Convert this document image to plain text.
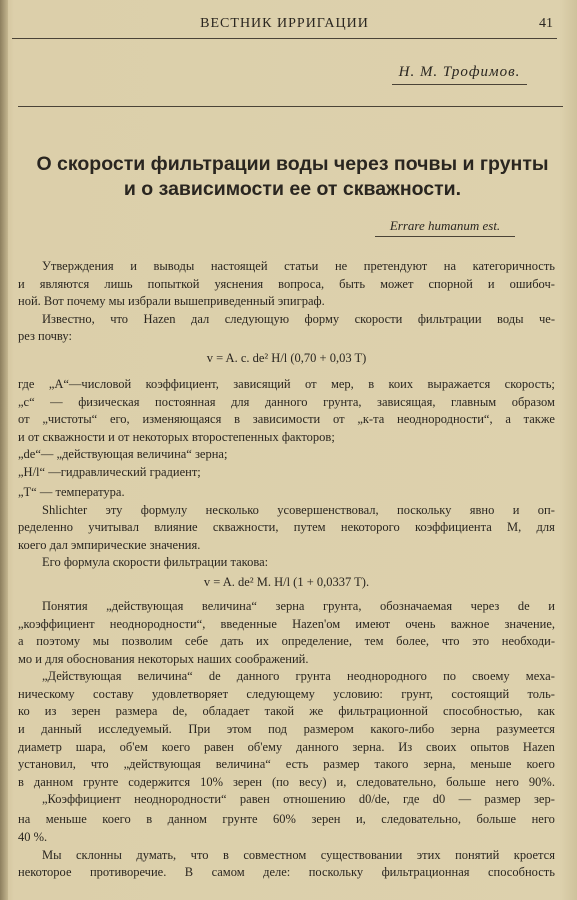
ВЕСТНИК ИРРИГАЦИИ	41
Н. М. Трофимов.
О скорости фильтрации воды через почвы и грунты и о зависимости ее от скважности.
Errare humanum est.
Утверждения и выводы настоящей статьи не претендуют на категоричность
и являются лишь попыткой уяснения вопроса, быть может спорной и ошибоч-
ной. Вот почему мы избрали вышеприведенный эпиграф.
Известно, что Hazen дал следующую форму скорости фильтрации воды че-
рез почву:
v = A. c. de² H/l (0,70 + 0,03 T)
где „A“—числовой коэффициент, зависящий от мер, в коих выражается скорость;
„c“ — физическая постоянная для данного грунта, зависящая, главным образом
от „чистоты“ его, изменяющаяся в зависимости от „к-та неоднородности“, а также
и от скважности и от некоторых второстепенных факторов;
„de“— „действующая величина“ зерна;
„H/l“ —гидравлический градиент;
„T“ — температура.
Shlichter эту формулу несколько усовершенствовал, поскольку явно и оп-
ределенно учитывал влияние скважности, путем некоторого коэффициента M, для
коего дал эмпирические значения.
Его формула скорости фильтрации такова:
v = A. de² M. H/l (1 + 0,0337 T).
Понятия „действующая величина“ зерна грунта, обозначаемая через de и
„коэффициент неоднородности“, введенные Hazen'ом имеют очень важное значение,
а поэтому мы позволим себе дать их определение, тем более, что это необходи-
мо и для обоснования некоторых наших соображений.
„Действующая величина“ de данного грунта неоднородного по своему меха-
ническому составу удовлетворяет следующему условию: грунт, состоящий толь-
ко из зерен размера de, обладает такой же фильтрационной способностью, как
и данный исследуемый. При этом под размером какого-либо зерна разумеется
диаметр шара, об'ем коего равен об'ему данного зерна. Из своих опытов Hazen
установил, что „действующая величина“ есть размер такого зерна, меньше коего
в данном грунте содержится 10% зерен (по весу) и, следовательно, больше него 90%.
„Коэффициент неоднородности“ равен отношению d0/de, где d0 — размер зер-
на меньше коего в данном грунте 60% зерен и, следовательно, больше него
40 %.
Мы склонны думать, что в совместном существовании этих понятий кроется
некоторое противоречие. В самом деле: поскольку фильтрационная способность
